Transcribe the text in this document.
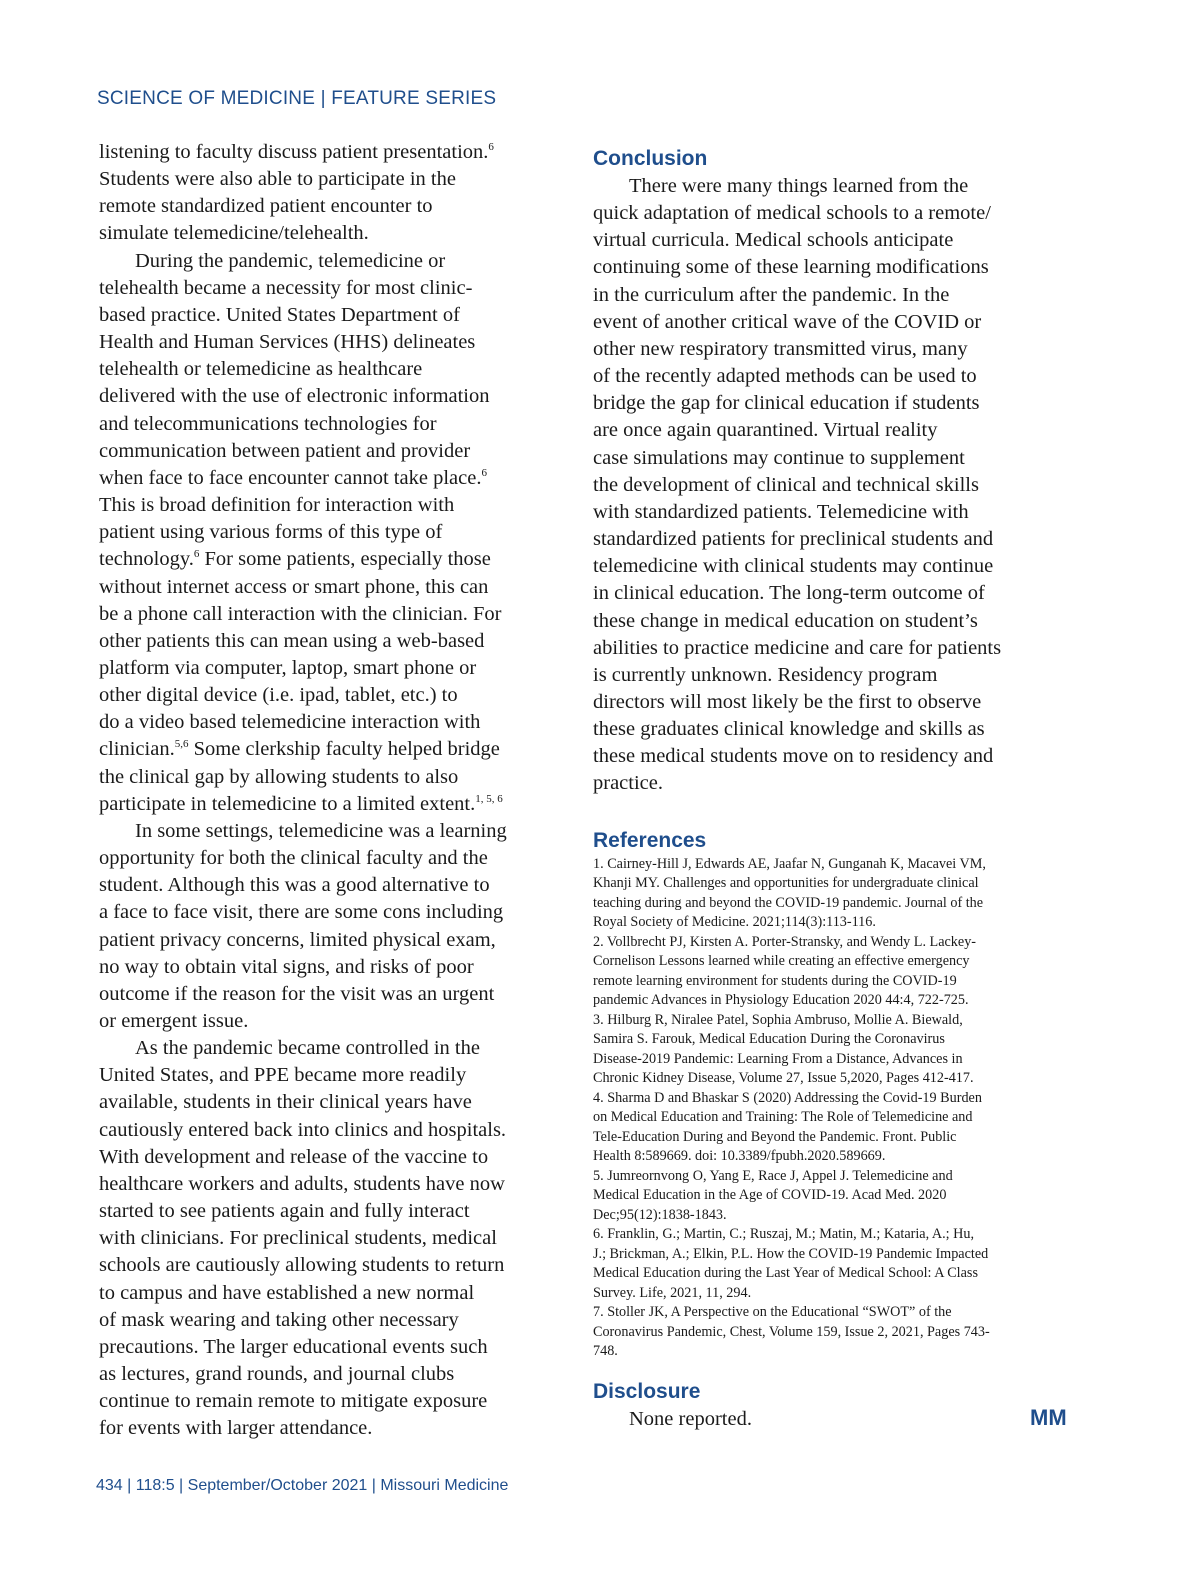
SCIENCE OF MEDICINE | FEATURE SERIES
listening to faculty discuss patient presentation.$^6$
Students were also able to participate in the
remote standardized patient encounter to
simulate telemedicine/telehealth.
During the pandemic, telemedicine or
telehealth became a necessity for most clinic-
based practice. United States Department of
Health and Human Services (HHS) delineates
telehealth or telemedicine as healthcare
delivered with the use of electronic information
and telecommunications technologies for
communication between patient and provider
when face to face encounter cannot take place.$^6$
This is broad definition for interaction with
patient using various forms of this type of
technology.$^6$ For some patients, especially those
without internet access or smart phone, this can
be a phone call interaction with the clinician. For
other patients this can mean using a web-based
platform via computer, laptop, smart phone or
other digital device (i.e. ipad, tablet, etc.) to
do a video based telemedicine interaction with
clinician.$^{5,6}$ Some clerkship faculty helped bridge
the clinical gap by allowing students to also
participate in telemedicine to a limited extent.$^{1, 5, 6}$
In some settings, telemedicine was a learning
opportunity for both the clinical faculty and the
student. Although this was a good alternative to
a face to face visit, there are some cons including
patient privacy concerns, limited physical exam,
no way to obtain vital signs, and risks of poor
outcome if the reason for the visit was an urgent
or emergent issue.
As the pandemic became controlled in the
United States, and PPE became more readily
available, students in their clinical years have
cautiously entered back into clinics and hospitals.
With development and release of the vaccine to
healthcare workers and adults, students have now
started to see patients again and fully interact
with clinicians. For preclinical students, medical
schools are cautiously allowing students to return
to campus and have established a new normal
of mask wearing and taking other necessary
precautions. The larger educational events such
as lectures, grand rounds, and journal clubs
continue to remain remote to mitigate exposure
for events with larger attendance.
Conclusion
There were many things learned from the
quick adaptation of medical schools to a remote/
virtual curricula. Medical schools anticipate
continuing some of these learning modifications
in the curriculum after the pandemic. In the
event of another critical wave of the COVID or
other new respiratory transmitted virus, many
of the recently adapted methods can be used to
bridge the gap for clinical education if students
are once again quarantined. Virtual reality
case simulations may continue to supplement
the development of clinical and technical skills
with standardized patients. Telemedicine with
standardized patients for preclinical students and
telemedicine with clinical students may continue
in clinical education. The long-term outcome of
these change in medical education on student’s
abilities to practice medicine and care for patients
is currently unknown. Residency program
directors will most likely be the first to observe
these graduates clinical knowledge and skills as
these medical students move on to residency and
practice.
References
1. Cairney-Hill J, Edwards AE, Jaafar N, Gunganah K, Macavei VM,
Khanji MY. Challenges and opportunities for undergraduate clinical
teaching during and beyond the COVID-19 pandemic. Journal of the
Royal Society of Medicine. 2021;114(3):113-116.
2. Vollbrecht PJ, Kirsten A. Porter-Stransky, and Wendy L. Lackey-
Cornelison Lessons learned while creating an effective emergency
remote learning environment for students during the COVID-19
pandemic Advances in Physiology Education 2020 44:4, 722-725.
3. Hilburg R, Niralee Patel, Sophia Ambruso, Mollie A. Biewald,
Samira S. Farouk, Medical Education During the Coronavirus
Disease-2019 Pandemic: Learning From a Distance, Advances in
Chronic Kidney Disease, Volume 27, Issue 5,2020, Pages 412-417.
4. Sharma D and Bhaskar S (2020) Addressing the Covid-19 Burden
on Medical Education and Training: The Role of Telemedicine and
Tele-Education During and Beyond the Pandemic. Front. Public
Health 8:589669. doi: 10.3389/fpubh.2020.589669.
5. Jumreornvong O, Yang E, Race J, Appel J. Telemedicine and
Medical Education in the Age of COVID-19. Acad Med. 2020
Dec;95(12):1838-1843.
6. Franklin, G.; Martin, C.; Ruszaj, M.; Matin, M.; Kataria, A.; Hu,
J.; Brickman, A.; Elkin, P.L. How the COVID-19 Pandemic Impacted
Medical Education during the Last Year of Medical School: A Class
Survey. Life, 2021, 11, 294.
7. Stoller JK, A Perspective on the Educational “SWOT” of the
Coronavirus Pandemic, Chest, Volume 159, Issue 2, 2021, Pages 743-
748.
Disclosure
None reported.	MM
434 | 118:5 | September/October 2021 | Missouri Medicine
